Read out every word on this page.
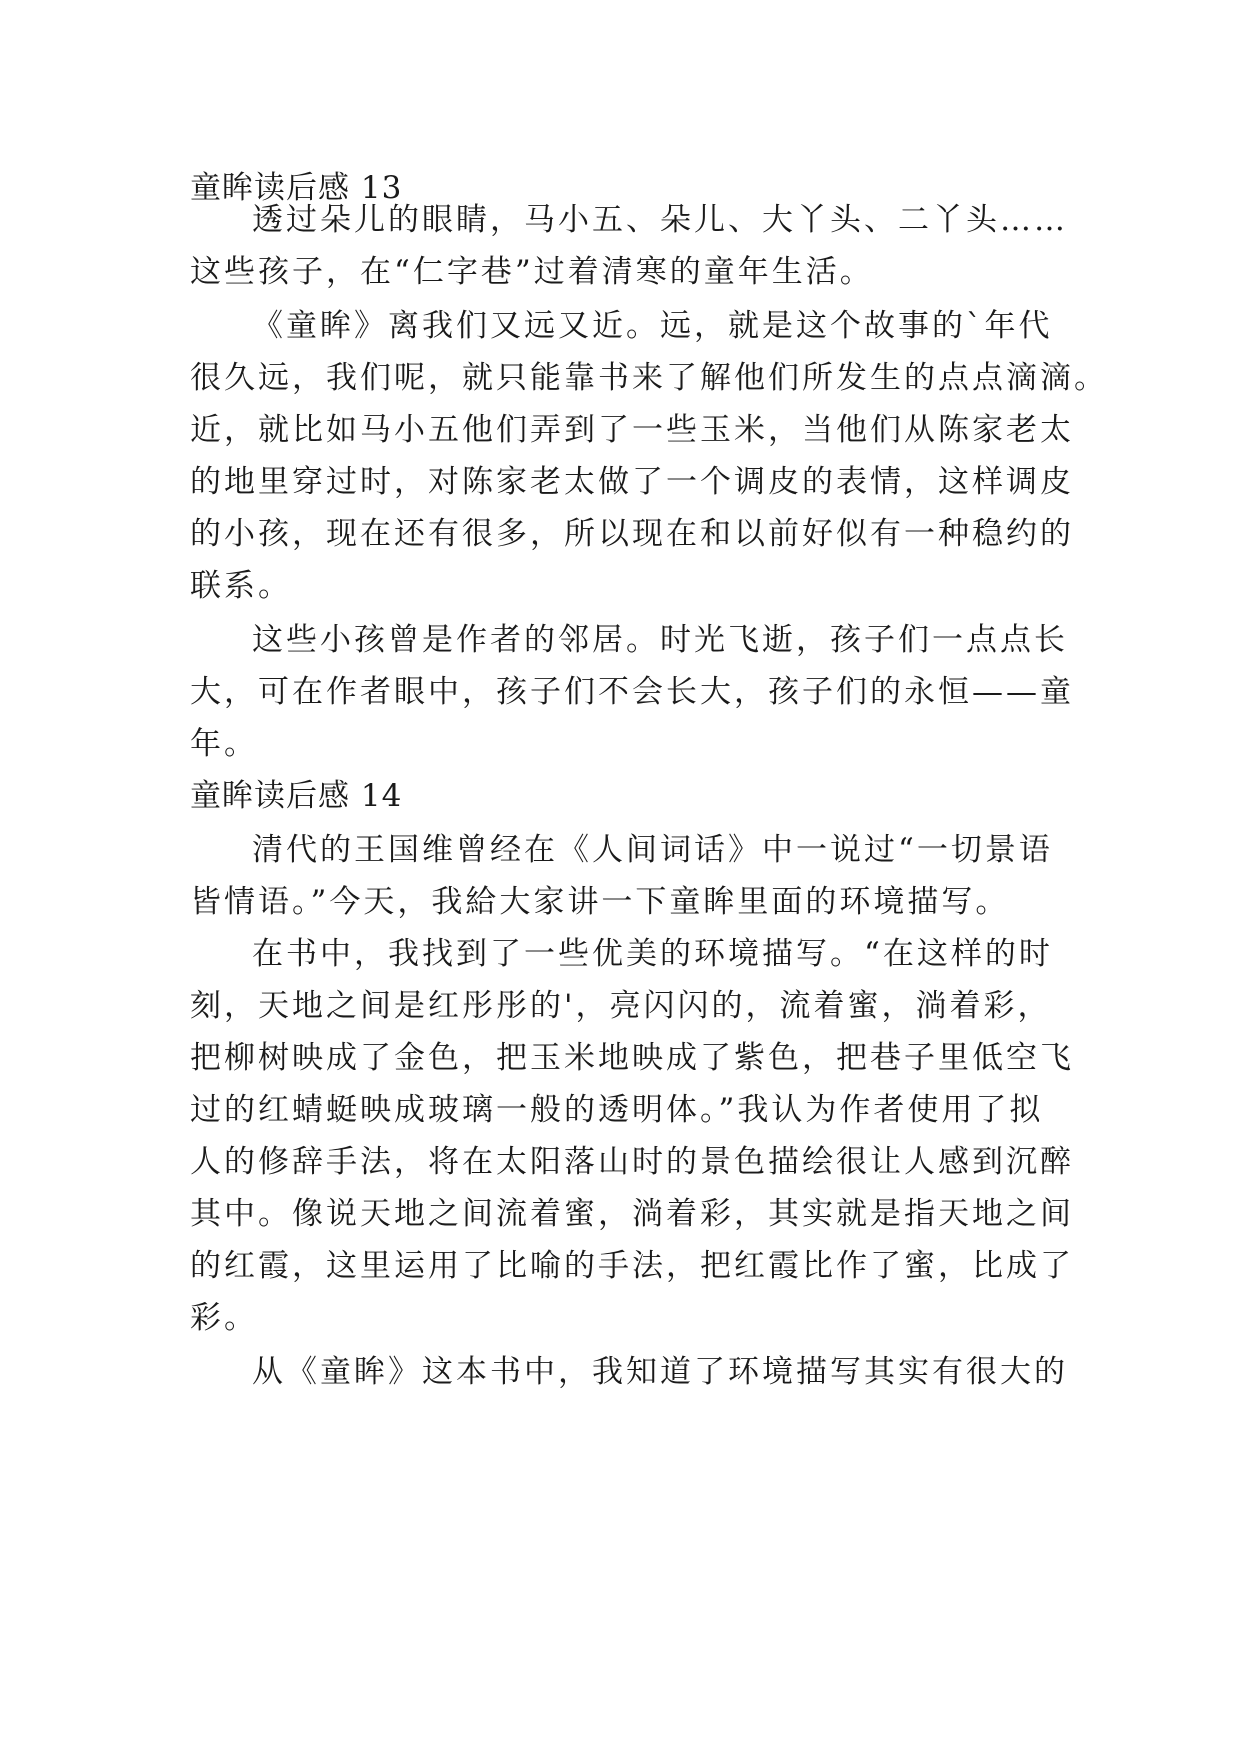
童眸读后感 13
透过朵儿的眼睛，马小五、朵儿、大丫头、二丫头……
这些孩子，在“仁字巷”过着清寒的童年生活。
《童眸》离我们又远又近。远，就是这个故事的`年代
很久远，我们呢，就只能靠书来了解他们所发生的点点滴滴。
近，就比如马小五他们弄到了一些玉米，当他们从陈家老太
的地里穿过时，对陈家老太做了一个调皮的表情，这样调皮
的小孩，现在还有很多，所以现在和以前好似有一种稳约的
联系。
这些小孩曾是作者的邻居。时光飞逝，孩子们一点点长
大，可在作者眼中，孩子们不会长大，孩子们的永恒——童
年。
童眸读后感 14
清代的王国维曾经在《人间词话》中一说过“一切景语
皆情语。”今天，我給大家讲一下童眸里面的环境描写。
在书中，我找到了一些优美的环境描写。“在这样的时
刻，天地之间是红彤彤的'，亮闪闪的，流着蜜，淌着彩，
把柳树映成了金色，把玉米地映成了紫色，把巷子里低空飞
过的红蜻蜓映成玻璃一般的透明体。”我认为作者使用了拟
人的修辞手法，将在太阳落山时的景色描绘很让人感到沉醉
其中。像说天地之间流着蜜，淌着彩，其实就是指天地之间
的红霞，这里运用了比喻的手法，把红霞比作了蜜，比成了
彩。
从《童眸》这本书中，我知道了环境描写其实有很大的
